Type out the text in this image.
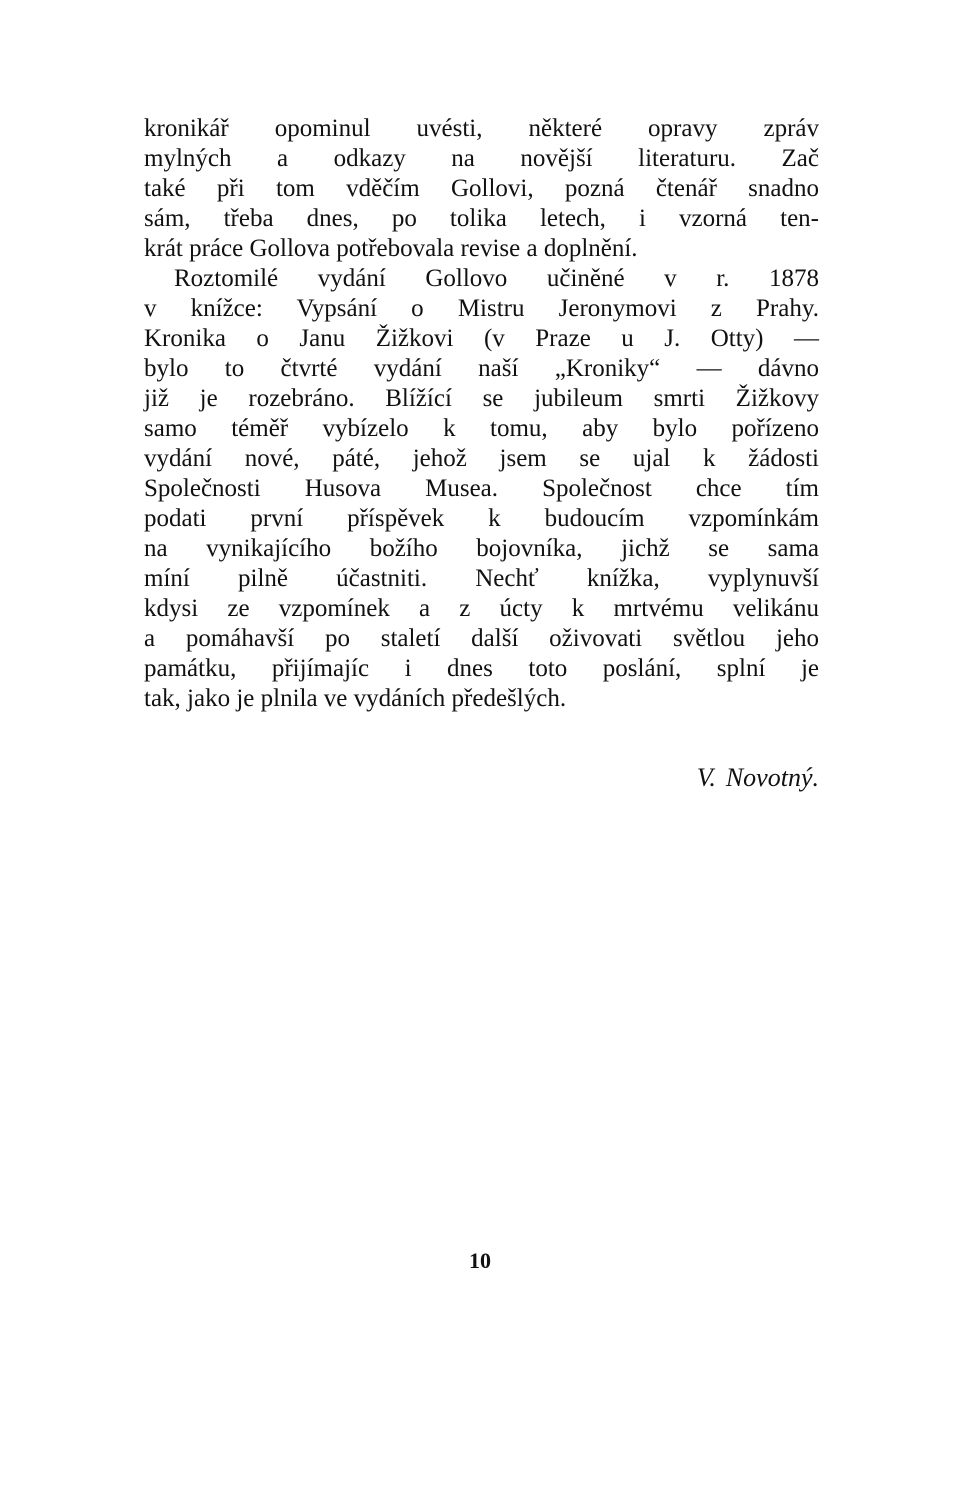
kronikář opominul uvésti, některé opravy zpráv
mylných a odkazy na novější literaturu. Zač
také při tom vděčím Gollovi, pozná čtenář snadno
sám, třeba dnes, po tolika letech, i vzorná ten-
krát práce Gollova potřebovala revise a doplnění.
Roztomilé vydání Gollovo učiněné v r. 1878
v knížce: Vypsání o Mistru Jeronymovi z Prahy.
Kronika o Janu Žižkovi (v Praze u J. Otty) —
bylo to čtvrté vydání naší „Kroniky“ — dávno
již je rozebráno. Blížící se jubileum smrti Žižkovy
samo téměř vybízelo k tomu, aby bylo pořízeno
vydání nové, páté, jehož jsem se ujal k žádosti
Společnosti Husova Musea. Společnost chce tím
podati první příspěvek k budoucím vzpomínkám
na vynikajícího božího bojovníka, jichž se sama
míní pilně účastniti. Nechť knížka, vyplynuvší
kdysi ze vzpomínek a z úcty k mrtvému velikánu
a pomáhavší po staletí další oživovati světlou jeho
památku, přijímajíc i dnes toto poslání, splní je
tak, jako je plnila ve vydáních předešlých.
V. Novotný.
10
